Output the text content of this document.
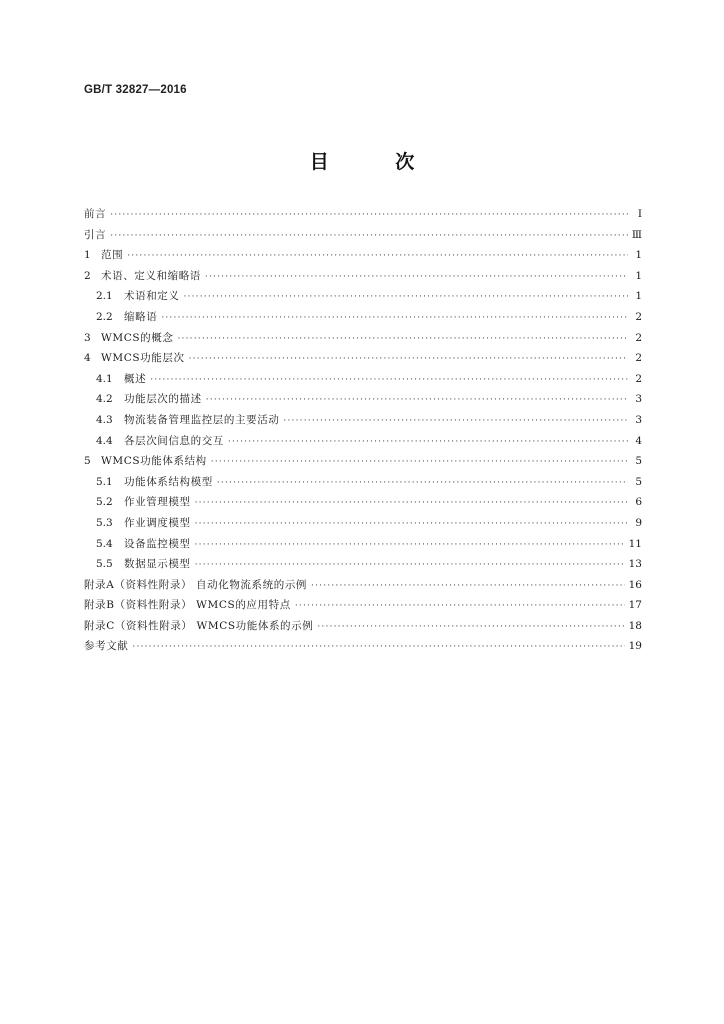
GB/T 32827—2016
目 次
前言 ·····	Ⅰ
引言 ·····	Ⅲ
1 范围 ·····	1
2 术语、定义和缩略语 ·····	1
2.1	术语和定义 ·····	1
2.2	缩略语 ·····	2
3 WMCS的概念 ·····	2
4 WMCS功能层次 ·····	2
4.1	概述 ·····	2
4.2	功能层次的描述 ·····	3
4.3	物流装备管理监控层的主要活动 ·····	3
4.4	各层次间信息的交互 ·····	4
5 WMCS功能体系结构 ·····	5
5.1	功能体系结构模型 ·····	5
5.2	作业管理模型 ·····	6
5.3	作业调度模型 ·····	9
5.4	设备监控模型 ·····	11
5.5	数据显示模型 ·····	13
附录A（资料性附录） 自动化物流系统的示例 ·····	16
附录B（资料性附录） WMCS的应用特点 ·····	17
附录C（资料性附录） WMCS功能体系的示例 ·····	18
参考文献 ·····	19
